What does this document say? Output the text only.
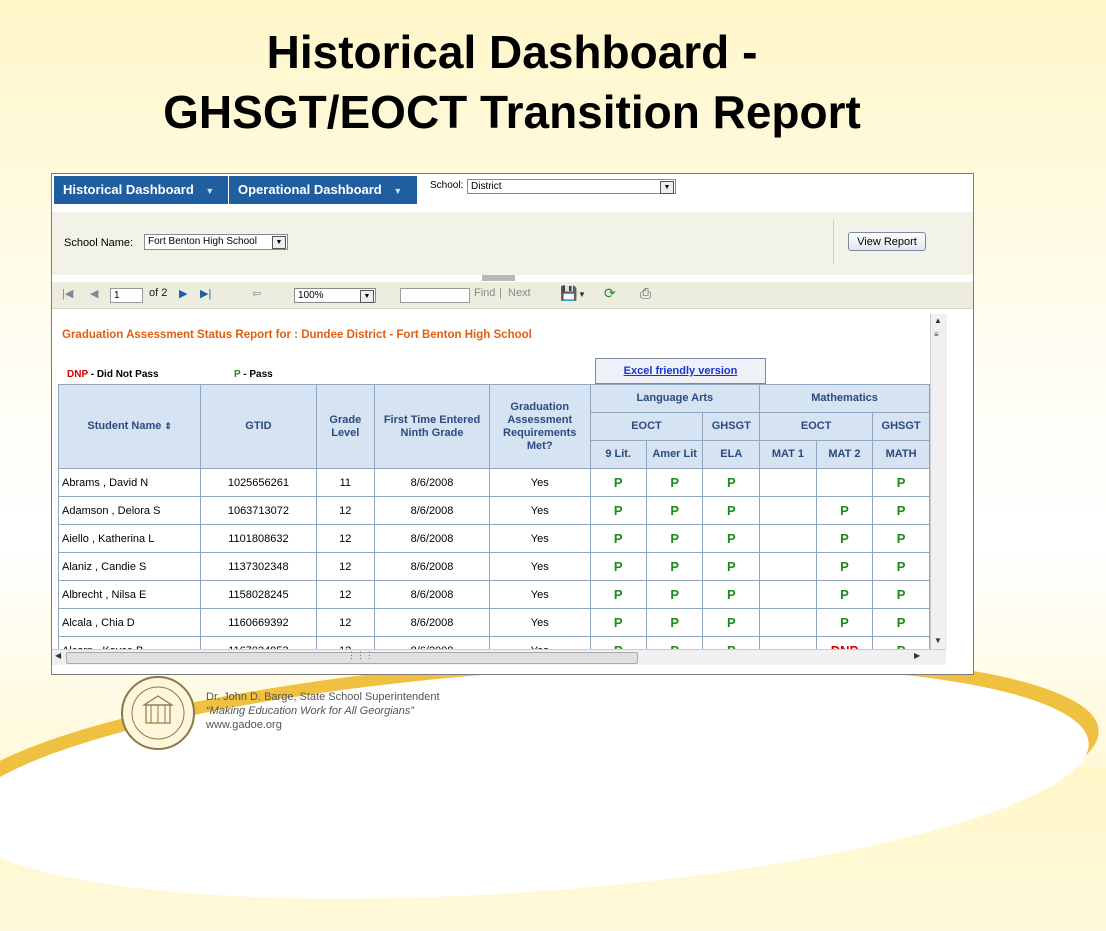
Historical Dashboard -
GHSGT/EOCT Transition Report
Historical Dashboard ▼	Operational Dashboard ▼	School: District	▼
School Name:	Fort Benton High School	▼	View Report
|◀ ◀	1	of 2 ▶ ▶|	⇦	100%	▼	Find | Next 💾 ▼ ⟳ ⎙
Graduation Assessment Status Report for : Dundee District - Fort Benton High School
DNP - Did Not Pass	P - Pass	Excel friendly version
Student Name ⇕	GTID	Grade Level	First Time Entered Ninth Grade	Graduation Assessment Requirements Met?	Language Arts			Mathematics		
					EOCT		GHSGT	EOCT		GHSGT
					9 Lit.	Amer Lit	ELA	MAT 1	MAT 2	MATH
Abrams , David N	1025656261	11	8/6/2008	Yes	P	P	P			P
Adamson , Delora S	1063713072	12	8/6/2008	Yes	P	P	P		P	P
Aiello , Katherina L	1101808632	12	8/6/2008	Yes	P	P	P		P	P
Alaniz , Candie S	1137302348	12	8/6/2008	Yes	P	P	P		P	P
Albrecht , Nilsa E	1158028245	12	8/6/2008	Yes	P	P	P		P	P
Alcala , Chia D	1160669392	12	8/6/2008	Yes	P	P	P		P	P

▲
≡
▼
◀	⋮⋮⋮	▶
Dr. John D. Barge, State School Superintendent
“Making Education Work for All Georgians”
www.gadoe.org
